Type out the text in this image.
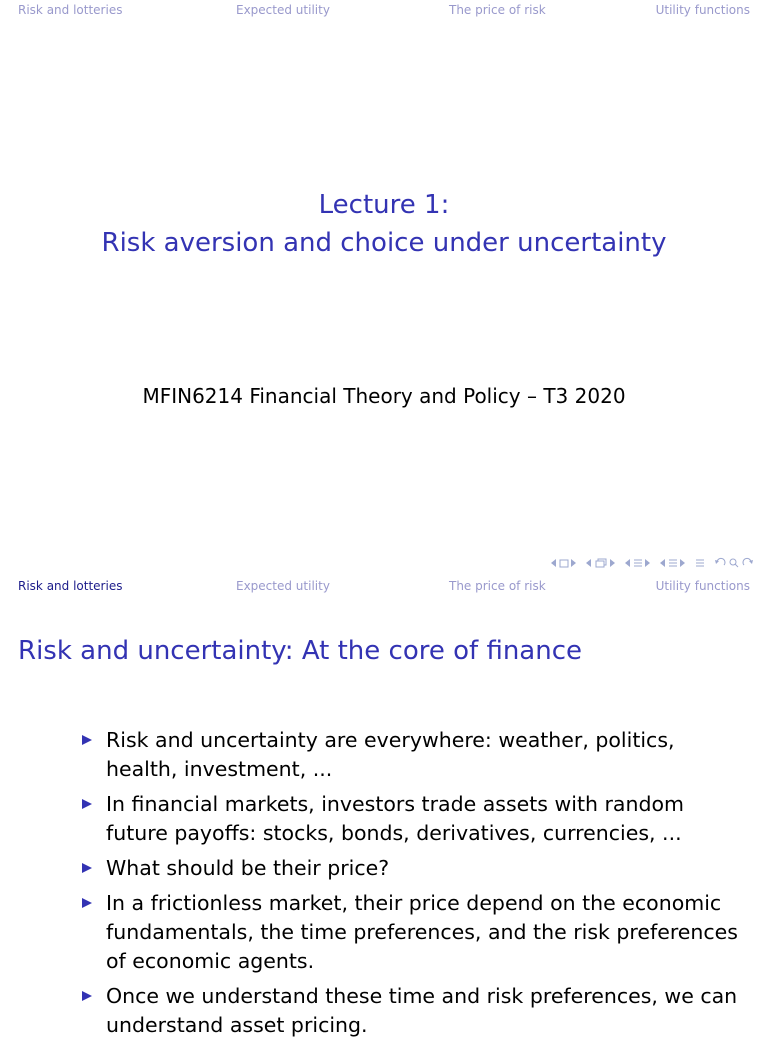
Risk and lotteries	Expected utility	The price of risk	Utility functions
Lecture 1:
Risk aversion and choice under uncertainty
MFIN6214 Financial Theory and Policy – T3 2020
Risk and lotteries	Expected utility	The price of risk	Utility functions
Risk and uncertainty: At the core of finance
Risk and uncertainty are everywhere: weather, politics, health, investment, ...
In financial markets, investors trade assets with random future payoffs: stocks, bonds, derivatives, currencies, ...
What should be their price?
In a frictionless market, their price depend on the economic fundamentals, the time preferences, and the risk preferences of economic agents.
Once we understand these time and risk preferences, we can understand asset pricing.
